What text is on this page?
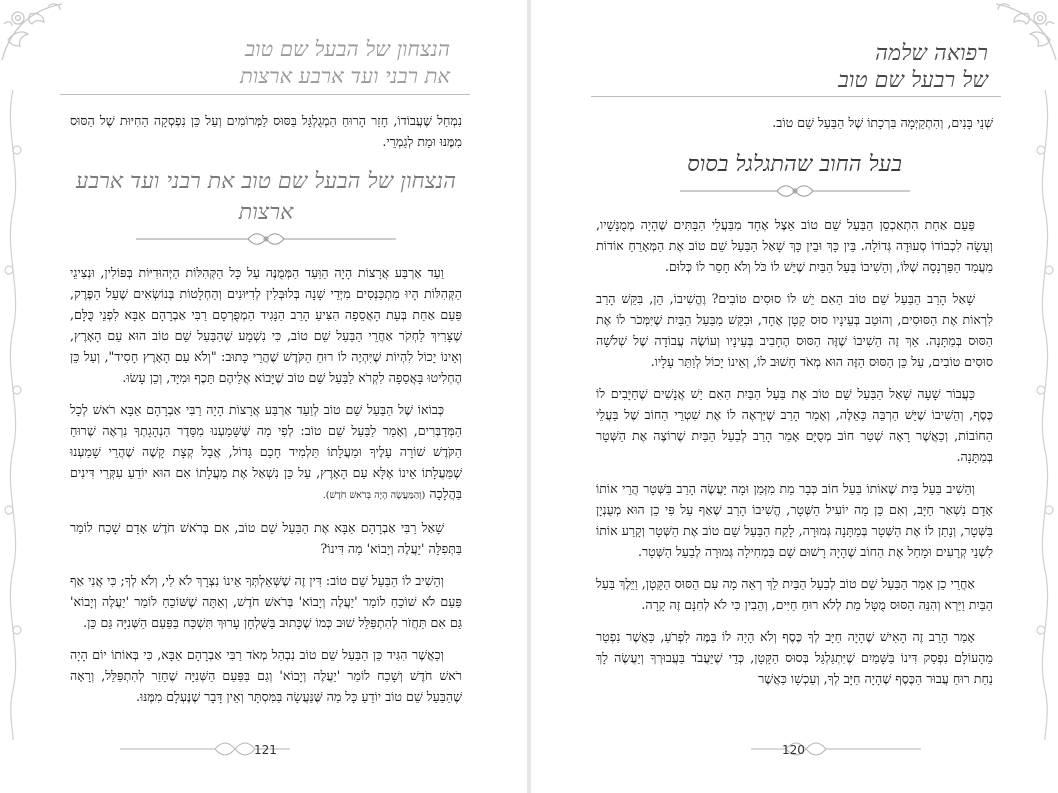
הנצחון של הבעל שם טוב
את רבני ועד ארבע ארצות

נִמְחַל שֶׁעֲבוֹדוֹ, חָזַר הָרוּחַ הַמְגֻלְגָּל בַּסּוּס לַמְּרוֹמִים וְעַל כֵּן נִפְסְקָה הַחִיּוּת שֶׁל הַסּוּס מִמֶּנּוּ וּמֵת לְגַמְרֵי.

הנצחון של הבעל שם טוב את רבני ועד ארבע ארצות

וַעַד אַרְבַּע אֲרָצוֹת הָיָה הַוַּעַד הַמְּמֻנֶּה עַל כָּל הַקְּהִלּוֹת הַיְּהוּדִיּוֹת בְּפּוֹלִין, וּנְצִיגֵי הַקְּהִלּוֹת הָיוּ מִתְכַּנְּסִים מִיְּדֵי שָׁנָה בְּלוּבְּלִין לְדִיּוּנִים וְהַחְלָטוֹת בְּנוֹשְׂאִים שֶׁעַל הַפֶּרֶק, פַּעַם אַחַת בְּעֵת הָאֲסֵפָה הִצִּיעַ הָרַב הַנָּגִיד הַמְפֻרְסָם רַבִּי אַבְרָהָם אַבָּא לִפְנֵי כֻּלָּם, שֶׁצָּרִיךְ לַחְקֹר אַחֲרֵי הַבַּעַל שֵׁם טוֹב, כִּי נִשְׁמָע שֶׁהַבַּעַל שֵׁם טוֹב הוּא עַם הָאָרֶץ, וְאֵינוֹ יָכוֹל לִהְיוֹת שֶׁיִּהְיֶה לוֹ רוּחַ הַקֹּדֶשׁ שֶׁהֲרֵי כָּתוּב: "וְלֹא עַם הָאָרֶץ חָסִיד", וְעַל כֵּן הֶחְלִיטוּ בָּאֲסֵפָה לִקְרֹא לַבַּעַל שֵׁם טוֹב שֶׁיָּבוֹא אֲלֵיהֶם תֵּכֶף וּמִיָּד, וְכֵן עָשׂוּ.

כְּבוֹאוֹ שֶׁל הַבַּעַל שֵׁם טוֹב לְוַעַד אַרְבַּע אֲרָצוֹת הָיָה רַבִּי אַבְרָהָם אַבָּא רֹאשׁ לְכָל הַמְּדַבְּרִים, וְאָמַר לַבַּעַל שֵׁם טוֹב: לְפִי מַה שֶּׁשָּׁמַעְנוּ מִסֵּדֶר הַנְהָגָתְךָ נִרְאֶה שֶׁרוּחַ הַקֹּדֶשׁ שׁוֹרָה עָלֶיךָ וּמַעֲלָתוֹ תַּלְמִיד חָכָם גָּדוֹל, אֲבָל קְצָת קָשֶׁה שֶׁהֲרֵי שָׁמַעְנוּ שֶׁמַּעֲלָתוֹ אֵינוֹ אֶלָּא עַם הָאָרֶץ, עַל כֵּן נִשְׁאַל אֶת מַעֲלָתוֹ אִם הוּא יוֹדֵעַ עִקְּרֵי דִּינִים בַּהֲלָכָה (וְהַמַּעֲשֶׂה הָיָה בְּרֹאשׁ חֹדֶשׁ).

שָׁאַל רַבִּי אַבְרָהָם אַבָּא אֶת הַבַּעַל שֵׁם טוֹב, אִם בְּרֹאשׁ חֹדֶשׁ אָדָם שָׁכַח לוֹמַר בַּתְּפִלָּה 'יַעֲלֶה וְיָבוֹא' מַה דִּינוֹ?

וְהֵשִׁיב לוֹ הַבַּעַל שֵׁם טוֹב: דִּין זֶה שֶׁשְּׁאֵלְתְּךָ אֵינוֹ נִצְרָךְ לֹא לִי, וְלֹא לְךָ; כִּי אֲנִי אַף פַּעַם לֹא שׁוֹכֵחַ לוֹמַר 'יַעֲלֶה וְיָבוֹא' בְּרֹאשׁ חֹדֶשׁ, וְאַתָּה שֶׁשּׁוֹכֵחַ לוֹמַר 'יַעֲלֶה וְיָבוֹא' גַּם אִם תַּחֲזֹר לְהִתְפַּלֵּל שׁוּב כְּמוֹ שֶׁכָּתוּב בַּשֻּׁלְחָן עָרוּךְ תִּשְׁכַּח בַּפַּעַם הַשְּׁנִיָּה גַּם כֵּן.

וְכַאֲשֶׁר הִגִּיד כֵּן הַבַּעַל שֵׁם טוֹב נִבְהַל מְאֹד רַבִּי אַבְרָהָם אַבָּא, כִּי בְּאוֹתוֹ יוֹם הָיָה רֹאשׁ חֹדֶשׁ וְשָׁכַח לוֹמַר 'יַעֲלֶה וְיָבוֹא' וְגַם בַּפַּעַם הַשְּׁנִיָּה שֶׁחָזַר לְהִתְפַּלֵּל, וְרָאָה שֶׁהַבַּעַל שֵׁם טוֹב יוֹדֵעַ כָּל מַה שֶּׁנַּעֲשָׂה בַּמִּסְתָּר וְאֵין דָּבָר שֶׁנֶּעְלָם מִמֶּנּוּ.

121
רפואה שלמה
של רבעל שם טוב

שְׁנֵי בָּנִים, וְהִתְקַיְּמָה בִּרְכָתוֹ שֶׁל הַבַּעַל שֵׁם טוֹב.

בעל החוב שהתגלגל בסוס

פַּעַם אַחַת הִתְאַכְסֵן הַבַּעַל שֵׁם טוֹב אֵצֶל אֶחָד מִבַּעֲלֵי הַבָּתִּים שֶׁהָיָה מְמֻנָּשָׁיו, וְעָשָׂה לִכְבוֹדוֹ סְעוּדָה גְּדוֹלָה. בֵּין כָּךְ וּבֵין כָּךְ שָׁאַל הַבַּעַל שֵׁם טוֹב אֶת הַמְּאָרֵחַ אוֹדוֹת מַעֲמַד הַפַּרְנָסָה שֶׁלּוֹ, וְהֵשִׁיבוֹ בַּעַל הַבַּיִת שֶׁיֵּשׁ לוֹ כֹּל וְלֹא חָסֵר לוֹ כְּלוּם.

שָׁאַל הָרַב הַבַּעַל שֵׁם טוֹב הַאִם יֵשׁ לוֹ סוּסִים טוֹבִים? וֶהֱשִׁיבוֹ, הֵן, בִּקֵּשׁ הָרַב לִרְאוֹת אֶת הַסּוּסִים, וְהוּטַב בְּעֵינָיו סוּס קָטָן אֶחָד, וּבִקֵּשׁ מִבַּעַל הַבַּיִת שֶׁיִּמְּכֹר לוֹ אֶת הַסּוּס בְּמַתָּנָה. אַךְ זֶה הֵשִׁיבוֹ שֶׁזֶּה הַסּוּס הֶחָבִיב בְּעֵינָיו וְעוֹשֶׂה עֲבוֹדָה שֶׁל שְׁלֹשָׁה סוּסִים טוֹבִים, עַל כֵּן הַסּוּס הַזֶּה הוּא מְאֹד חָשׁוּב לוֹ, וְאֵינוֹ יָכוֹל לְוַתֵּר עָלָיו.

כַּעֲבוֹר שָׁעָה שָׁאַל הַבַּעַל שֵׁם טוֹב אֶת בַּעַל הַבַּיִת הַאִם יֵשׁ אֲנָשִׁים שֶׁחַיָּבִים לוֹ כֶּסֶף, וְהֵשִׁיבוֹ שֶׁיֵּשׁ הַרְבֵּה כָּאֵלֶּה, וְאָמַר הָרַב שֶׁיַּרְאֶה לוֹ אֶת שִׁטְרֵי הַחוֹב שֶׁל בַּעֲלֵי הַחוֹבוֹת, וְכַאֲשֶׁר רָאָה שְׁטַר חוֹב מְסֻיָּם אָמַר הָרַב לְבַעַל הַבַּיִת שֶׁרוֹצֶה אֶת הַשְּׁטָר בְּמַתָּנָה.

וְהֵשִׁיב בַּעַל בַּיִת שֶׁאוֹתוֹ בַּעַל חוֹב כְּבָר מֵת מִזְּמַן וּמָה יַּעֲשֶׂה הָרַב בַּשְּׁטָר הֲרֵי אוֹתוֹ אָדָם נִשְׁאַר חַיָּב, וְאִם כֵּן מָה יוֹעִיל הַשְּׁטָר, הֱשִׁיבוֹ הָרַב שֶׁאַף עַל פִּי כֵן הוּא מְעֻנְיָן בַּשְּׁטָר, וְנָתַן לוֹ אֶת הַשְּׁטָר בְּמַתָּנָה גְּמוּרָה, לָקַח הַבַּעַל שֵׁם טוֹב אֶת הַשְּׁטָר וְקָרַע אוֹתוֹ לִשְׁנֵי קְרָעִים וּמָחַל אֶת הַחוֹב שֶׁהָיָה רָשׁוּם שָׁם בִּמְחִילָה גְּמוּרָה לְבַעַל הַשְּׁטָר.

אַחֲרֵי כֵן אָמַר הַבַּעַל שֵׁם טוֹב לְבַעַל הַבַּיִת לֵךְ רְאֵה מָה עִם הַסּוּס הַקָּטָן, וַיֵּלֶךְ בַּעַל הַבַּיִת וַיַּרְא וְהִנֵּה הַסּוּס מֻטָּל מֵת לְלֹא רוּחַ חַיִּים, וְהֵבִין כִּי לֹא לְחִנָּם זֶה קָרָה.

אָמַר הָרַב זֶה הָאִישׁ שֶׁהָיָה חַיָּב לְךָ כֶּסֶף וְלֹא הָיָה לוֹ בַּמֶּה לִפְרֹעַ, כַּאֲשֶׁר נִפְטַר מֵהָעוֹלָם נִפְסַק דִּינוֹ בַּשָּׁמַיִם שֶׁיִּתְגַּלְגֵּל בְּסוּס הַקָּטָן, כְּדֵי שֶׁיַּעֲבֹד בַּעֲבוּרְךָ וְיַעֲשֶׂה לָךְ נַחַת רוּחַ עֲבוּר הַכֶּסֶף שֶׁהָיָה חַיָּב לְךָ, וְעַכְשָׁו כַּאֲשֶׁר

120
